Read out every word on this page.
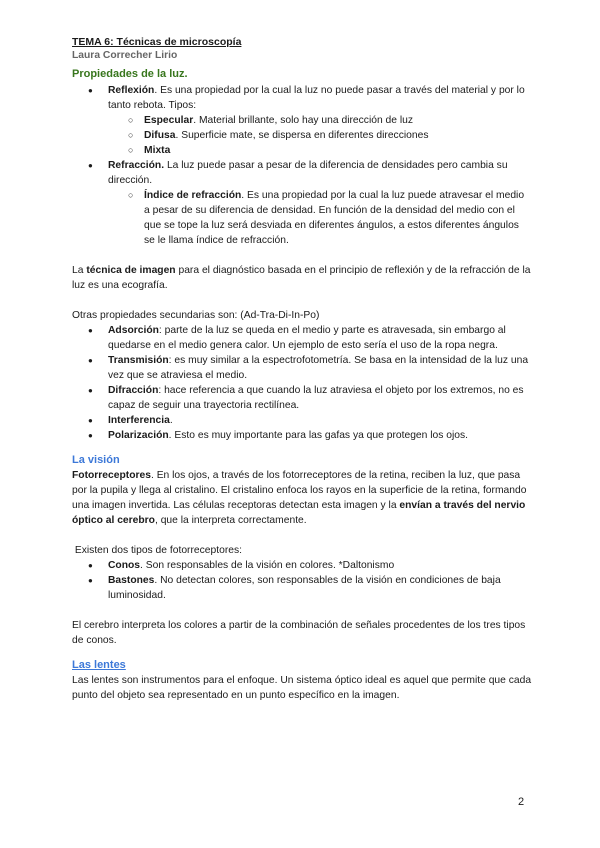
TEMA 6: Técnicas de microscopía
Laura Correcher Lirio
Propiedades de la luz.
● Reflexión. Es una propiedad por la cual la luz no puede pasar a través del material y por lo tanto rebota. Tipos:
○ Especular. Material brillante, solo hay una dirección de luz
○ Difusa. Superficie mate, se dispersa en diferentes direcciones
○ Mixta
● Refracción. La luz puede pasar a pesar de la diferencia de densidades pero cambia su dirección.
○ Índice de refracción. Es una propiedad por la cual la luz puede atravesar el medio a pesar de su diferencia de densidad. En función de la densidad del medio con el que se tope la luz será desviada en diferentes ángulos, a estos diferentes ángulos se le llama índice de refracción.

La técnica de imagen para el diagnóstico basada en el principio de reflexión y de la refracción de la luz es una ecografía.

Otras propiedades secundarias son: (Ad-Tra-Di-In-Po)

● Adsorción: parte de la luz se queda en el medio y parte es atravesada, sin embargo al quedarse en el medio genera calor. Un ejemplo de esto sería el uso de la ropa negra.
● Transmisión: es muy similar a la espectrofotometría. Se basa en la intensidad de la luz una vez que se atraviesa el medio.
● Difracción: hace referencia a que cuando la luz atraviesa el objeto por los extremos, no es capaz de seguir una trayectoria rectilínea.
● Interferencia.
● Polarización. Esto es muy importante para las gafas ya que protegen los ojos.
La visión

Fotorreceptores. En los ojos, a través de los fotorreceptores de la retina, reciben la luz, que pasa por la pupila y llega al cristalino. El cristalino enfoca los rayos en la superficie de la retina, formando una imagen invertida. Las células receptoras detectan esta imagen y la envían a través del nervio óptico al cerebro, que la interpreta correctamente.

Existen dos tipos de fotorreceptores:

● Conos. Son responsables de la visión en colores. *Daltonismo
● Bastones. No detectan colores, son responsables de la visión en condiciones de baja luminosidad.

El cerebro interpreta los colores a partir de la combinación de señales procedentes de los tres tipos de conos.

Las lentes

Las lentes son instrumentos para el enfoque. Un sistema óptico ideal es aquel que permite que cada punto del objeto sea representado en un punto específico en la imagen.

2
